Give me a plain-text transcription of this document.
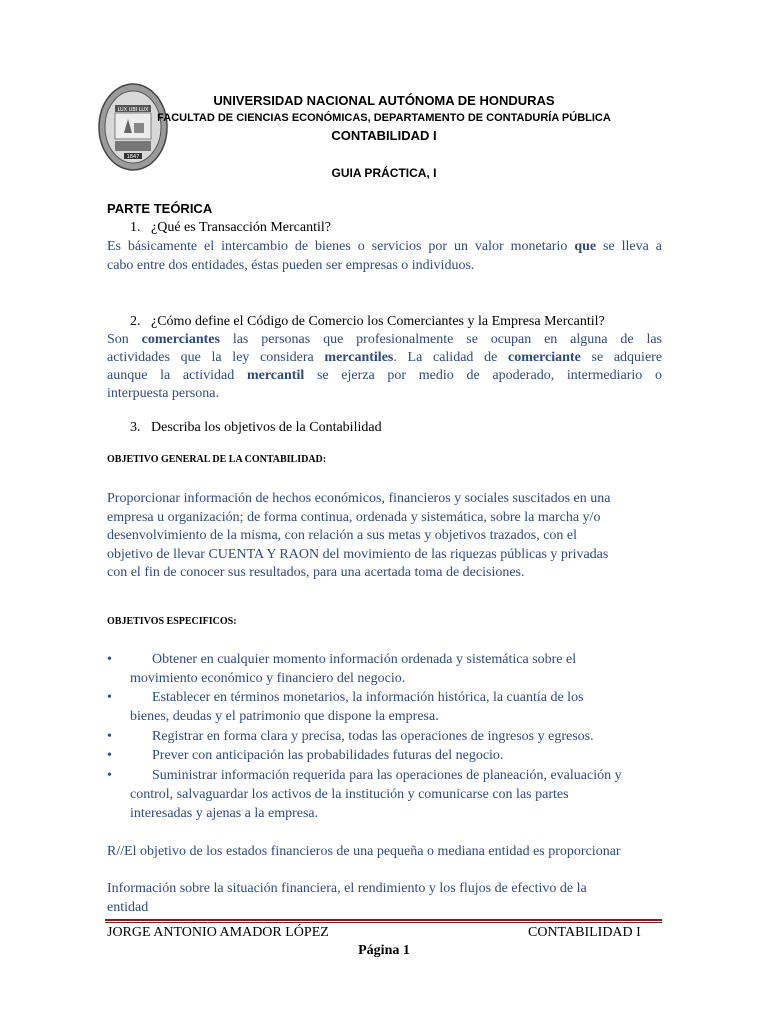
LUX UBI LUX
1847
UNIVERSIDAD NACIONAL AUTÓNOMA DE HONDURAS
FACULTAD DE CIENCIAS ECONÓMICAS, DEPARTAMENTO DE CONTADURÍA PÚBLICA
CONTABILIDAD I
GUIA PRÁCTICA, I
PARTE TEÓRICA
1. ¿Qué es Transacción Mercantil?
Es básicamente el intercambio de bienes o servicios por un valor monetario que se lleva a
cabo entre dos entidades, éstas pueden ser empresas o individuos.
2. ¿Cómo define el Código de Comercio los Comerciantes y la Empresa Mercantil?
Son comerciantes las personas que profesionalmente se ocupan en alguna de las
actividades que la ley considera mercantiles. La calidad de comerciante se adquiere
aunque la actividad mercantil se ejerza por medio de apoderado, intermediario o
interpuesta persona.
3. Describa los objetivos de la Contabilidad
OBJETIVO GENERAL DE LA CONTABILIDAD:
Proporcionar información de hechos económicos, financieros y sociales suscitados en una
empresa u organización; de forma continua, ordenada y sistemática, sobre la marcha y/o
desenvolvimiento de la misma, con relación a sus metas y objetivos trazados, con el
objetivo de llevar CUENTA Y RAON del movimiento de las riquezas públicas y privadas
con el fin de conocer sus resultados, para una acertada toma de decisiones.
OBJETIVOS ESPECIFICOS:
•	Obtener en cualquier momento información ordenada y sistemática sobre el
movimiento económico y financiero del negocio.
•	Establecer en términos monetarios, la información histórica, la cuantía de los
bienes, deudas y el patrimonio que dispone la empresa.
•	Registrar en forma clara y precisa, todas las operaciones de ingresos y egresos.
•	Prever con anticipación las probabilidades futuras del negocio.
•	Suministrar información requerida para las operaciones de planeación, evaluación y
control, salvaguardar los activos de la institución y comunicarse con las partes
interesadas y ajenas a la empresa.
R//El objetivo de los estados financieros de una pequeña o mediana entidad es proporcionar
Información sobre la situación financiera, el rendimiento y los flujos de efectivo de la
entidad
JORGE ANTONIO AMADOR LÓPEZ	CONTABILIDAD I
Página 1
